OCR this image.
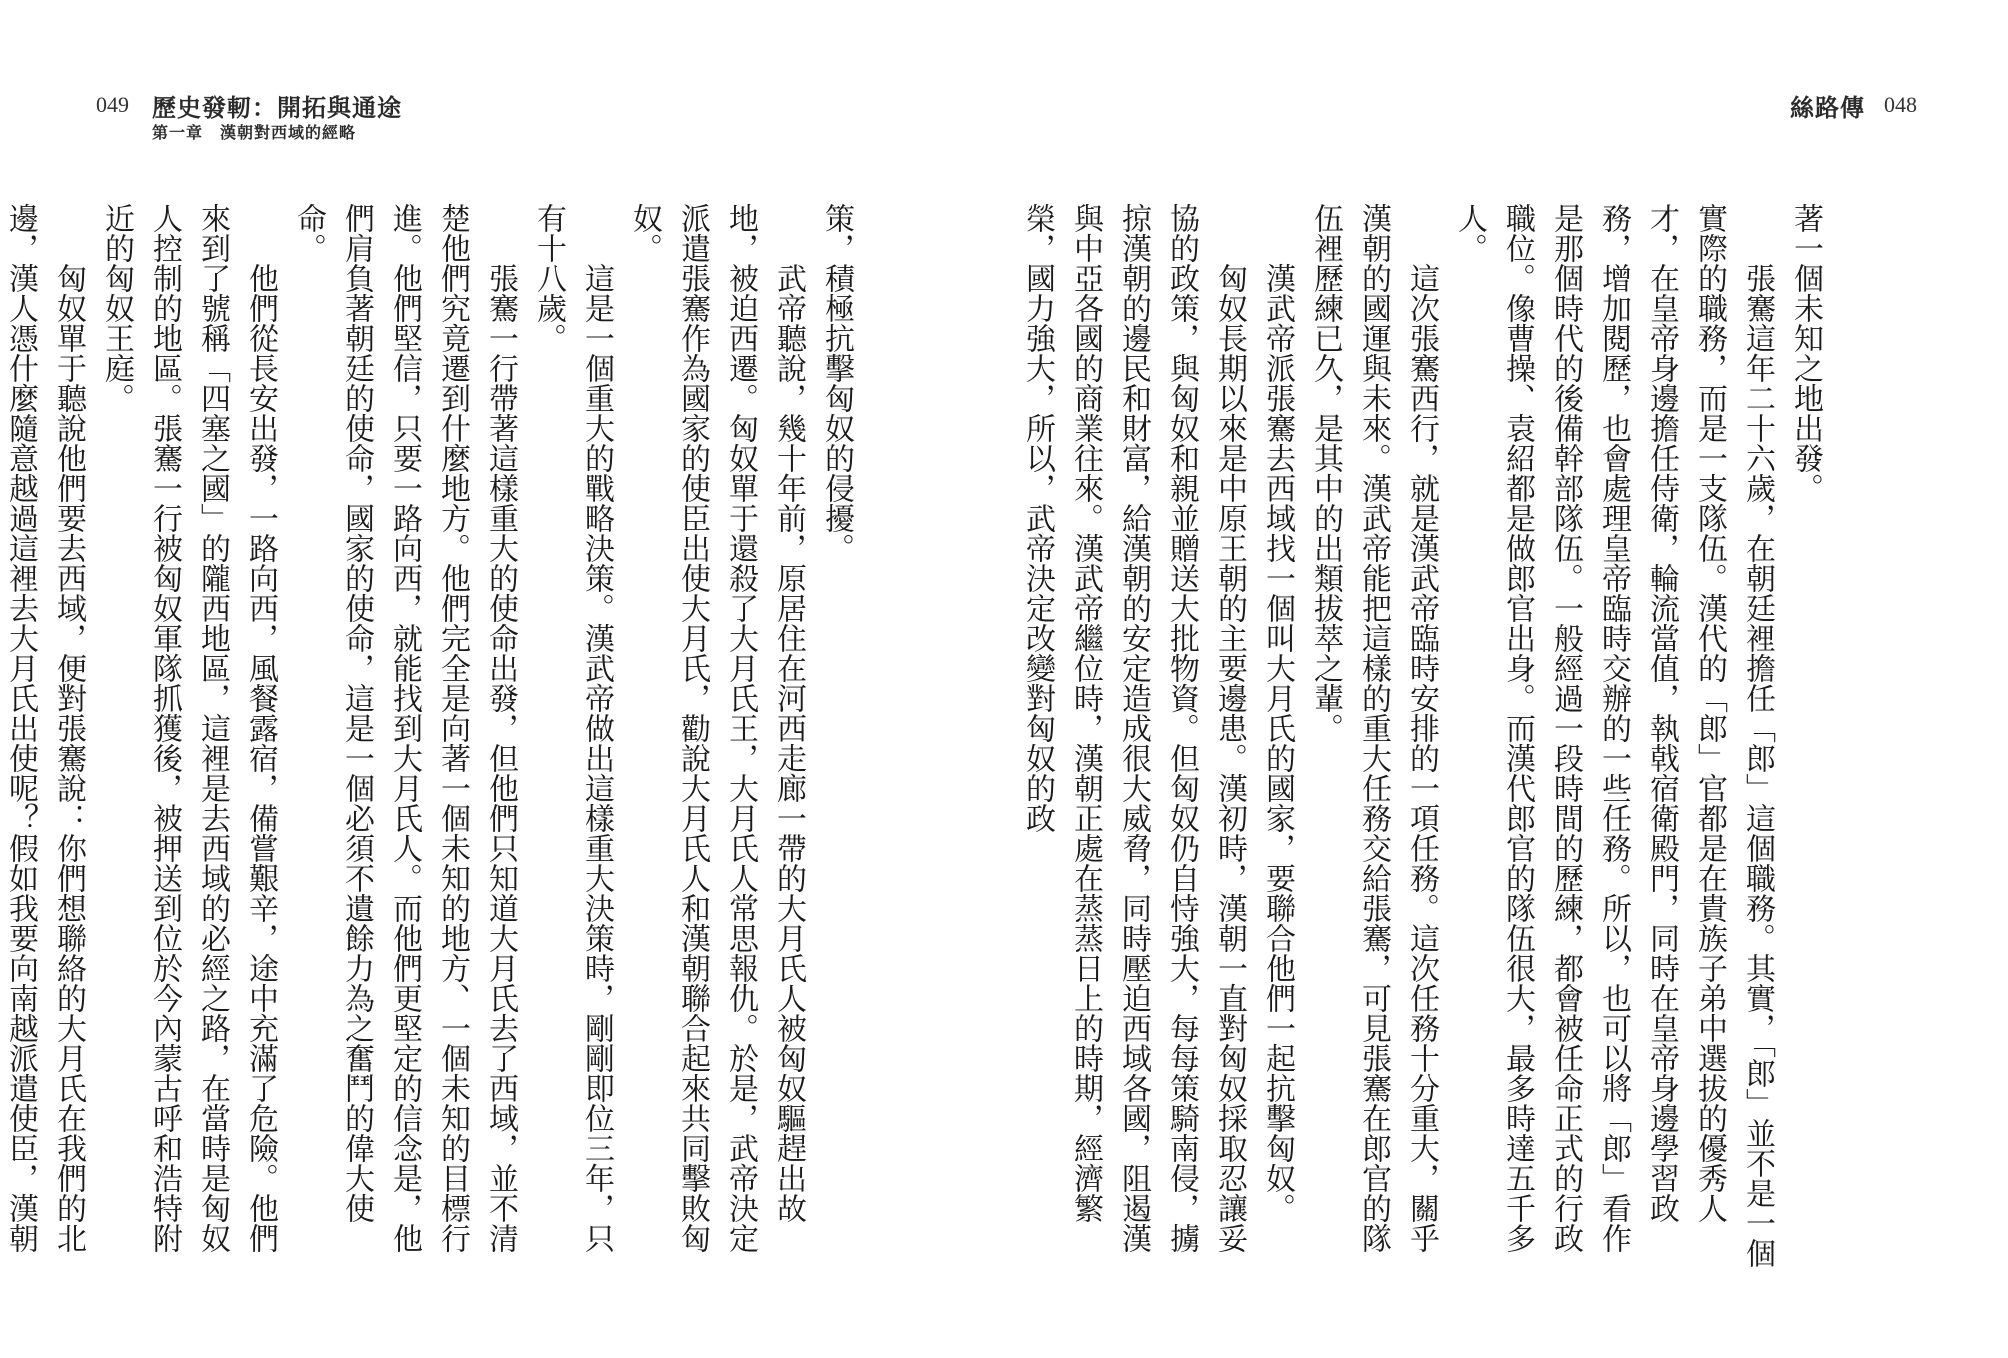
049 歷史發軔：開拓與通途
第一章　漢朝對西域的經略

策，積極抗擊匈奴的侵擾。

武帝聽說，幾十年前，原居住在河西走廊一帶的大月氏人被匈奴驅趕出故地，被迫西遷。匈奴單于還殺了大月氏王，大月氏人常思報仇。於是，武帝決定派遣張騫作為國家的使臣出使大月氏，勸說大月氏人和漢朝聯合起來共同擊敗匈奴。

這是一個重大的戰略決策。漢武帝做出這樣重大決策時，剛剛即位三年，只有十八歲。

張騫一行帶著這樣重大的使命出發，但他們只知道大月氏去了西域，並不清楚他們究竟遷到什麼地方。他們完全是向著一個未知的地方、一個未知的目標行進。他們堅信，只要一路向西，就能找到大月氏人。而他們更堅定的信念是，他們肩負著朝廷的使命，國家的使命，這是一個必須不遺餘力為之奮鬥的偉大使命。

他們從長安出發，一路向西，風餐露宿，備嘗艱辛，途中充滿了危險。他們來到了號稱「四塞之國」的隴西地區，這裡是去西域的必經之路，在當時是匈奴人控制的地區。張騫一行被匈奴軍隊抓獲後，被押送到位於今內蒙古呼和浩特附近的匈奴王庭。

匈奴單于聽說他們要去西域，便對張騫說：你們想聯絡的大月氏在我們的北邊，漢人憑什麼隨意越過這裡去大月氏出使呢？假如我要向南越派遣使臣，漢朝

絲路傳 048

著一個未知之地出發。

張騫這年二十六歲，在朝廷裡擔任「郎」這個職務。其實，「郎」並不是一個實際的職務，而是一支隊伍。漢代的「郎」官都是在貴族子弟中選拔的優秀人才，在皇帝身邊擔任侍衛，輪流當值，執戟宿衛殿門，同時在皇帝身邊學習政務，增加閱歷，也會處理皇帝臨時交辦的一些任務。所以，也可以將「郎」看作是那個時代的後備幹部隊伍。一般經過一段時間的歷練，都會被任命正式的行政職位。像曹操、袁紹都是做郎官出身。而漢代郎官的隊伍很大，最多時達五千多人。

這次張騫西行，就是漢武帝臨時安排的一項任務。這次任務十分重大，關乎漢朝的國運與未來。漢武帝能把這樣的重大任務交給張騫，可見張騫在郎官的隊伍裡歷練已久，是其中的出類拔萃之輩。

漢武帝派張騫去西域找一個叫大月氏的國家，要聯合他們一起抗擊匈奴。

匈奴長期以來是中原王朝的主要邊患。漢初時，漢朝一直對匈奴採取忍讓妥協的政策，與匈奴和親並贈送大批物資。但匈奴仍自恃強大，每每策騎南侵，擄掠漢朝的邊民和財富，給漢朝的安定造成很大威脅，同時壓迫西域各國，阻遏漢與中亞各國的商業往來。漢武帝繼位時，漢朝正處在蒸蒸日上的時期，經濟繁榮，國力強大，所以，武帝決定改變對匈奴的政
